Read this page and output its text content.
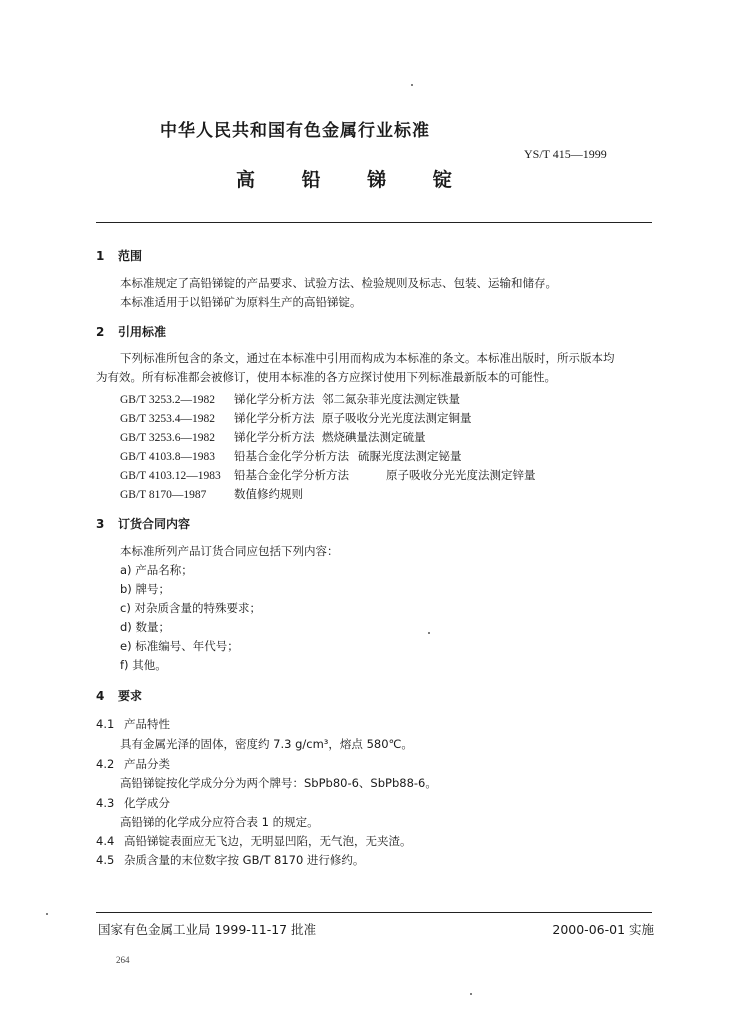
中华人民共和国有色金属行业标准
YS/T 415—1999
高 铅 锑 锭
1 范围
本标准规定了高铅锑锭的产品要求、试验方法、检验规则及标志、包装、运输和储存。
本标准适用于以铅锑矿为原料生产的高铅锑锭。
2 引用标准
下列标准所包含的条文，通过在本标准中引用而构成为本标准的条文。本标准出版时，所示版本均
为有效。所有标准都会被修订，使用本标准的各方应探讨使用下列标准最新版本的可能性。
GB/T 3253.2—1982 锑化学分析方法 邻二氮杂菲光度法测定铁量
GB/T 3253.4—1982 锑化学分析方法 原子吸收分光光度法测定铜量
GB/T 3253.6—1982 锑化学分析方法 燃烧碘量法测定硫量
GB/T 4103.8—1983 铅基合金化学分析方法 硫脲光度法测定铋量
GB/T 4103.12—1983 铅基合金化学分析方法	原子吸收分光光度法测定锌量
GB/T 8170—1987 数值修约规则
3 订货合同内容
本标准所列产品订货合同应包括下列内容：
a) 产品名称；
b) 牌号；
c) 对杂质含量的特殊要求；
d) 数量；
e) 标准编号、年代号；
f) 其他。
4 要求
4.1 产品特性
具有金属光泽的固体，密度约 7.3 g/cm³，熔点 580℃。
4.2 产品分类
高铅锑锭按化学成分分为两个牌号：SbPb80-6、SbPb88-6。
4.3 化学成分
高铅锑的化学成分应符合表 1 的规定。
4.4 高铅锑锭表面应无飞边，无明显凹陷，无气泡，无夹渣。
4.5 杂质含量的末位数字按 GB/T 8170 进行修约。
国家有色金属工业局 1999-11-17 批准	2000-06-01 实施
264
